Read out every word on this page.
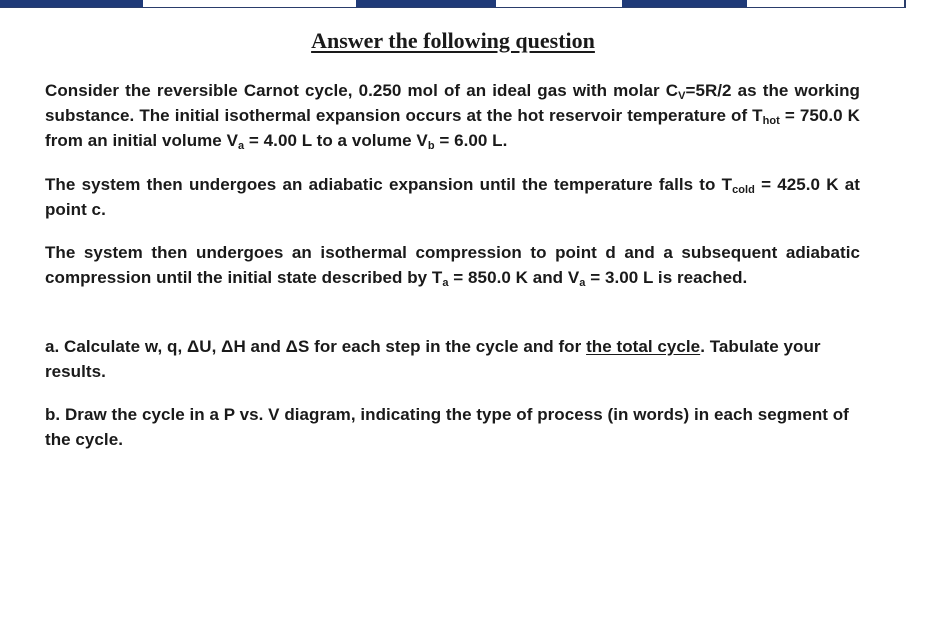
Answer the following question

Consider the reversible Carnot cycle, 0.250 mol of an ideal gas with molar $C_V=5R/2$ as the working substance. The initial isothermal expansion occurs at the hot reservoir temperature of $T_{hot} = 750.0$ K from an initial volume $V_a = 4.00$ L to a volume $V_b = 6.00$ L.

The system then undergoes an adiabatic expansion until the temperature falls to $T_{cold} = 425.0$ K at point c.

The system then undergoes an isothermal compression to point d and a subsequent adiabatic compression until the initial state described by $T_a = 850.0$ K and $V_a = 3.00$ L is reached.

a. Calculate w, q, ΔU, ΔH and ΔS for each step in the cycle and for the total cycle. Tabulate your results.

b. Draw the cycle in a P vs. V diagram, indicating the type of process (in words) in each segment of the cycle.
